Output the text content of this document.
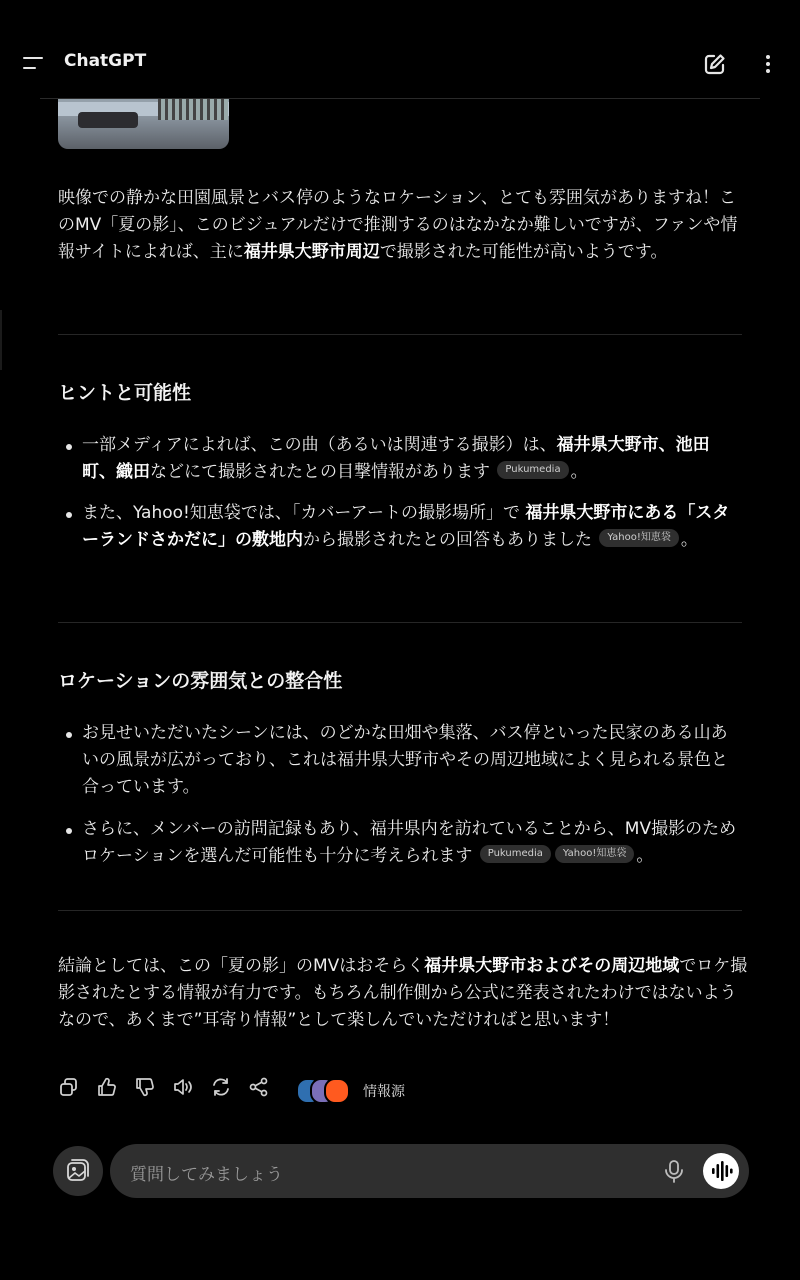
ChatGPT

映像での静かな田園風景とバス停のようなロケーション、とても雰囲気がありますね！このMV「夏の影」、このビジュアルだけで推測するのはなかなか難しいですが、ファンや情報サイトによれば、主に福井県大野市周辺で撮影された可能性が高いようです。

ヒントと可能性
一部メディアによれば、この曲（あるいは関連する撮影）は、福井県大野市、池田町、織田などにて撮影されたとの目撃情報があります Pukumedia 。
また、Yahoo!知恵袋では、「カバーアートの撮影場所」で 福井県大野市にある「スターランドさかだに」の敷地内から撮影されたとの回答もありました Yahoo!知恵袋 。
ロケーションの雰囲気との整合性
お見せいただいたシーンには、のどかな田畑や集落、バス停といった民家のある山あいの風景が広がっており、これは福井県大野市やその周辺地域によく見られる景色と合っています。
さらに、メンバーの訪問記録もあり、福井県内を訪れていることから、MV撮影のためロケーションを選んだ可能性も十分に考えられます Pukumedia Yahoo!知恵袋 。

結論としては、この「夏の影」のMVはおそらく福井県大野市およびその周辺地域でロケ撮影されたとする情報が有力です。もちろん制作側から公式に発表されたわけではないようなので、あくまで”耳寄り情報”として楽しんでいただければと思います！

情報源
質問してみましょう
